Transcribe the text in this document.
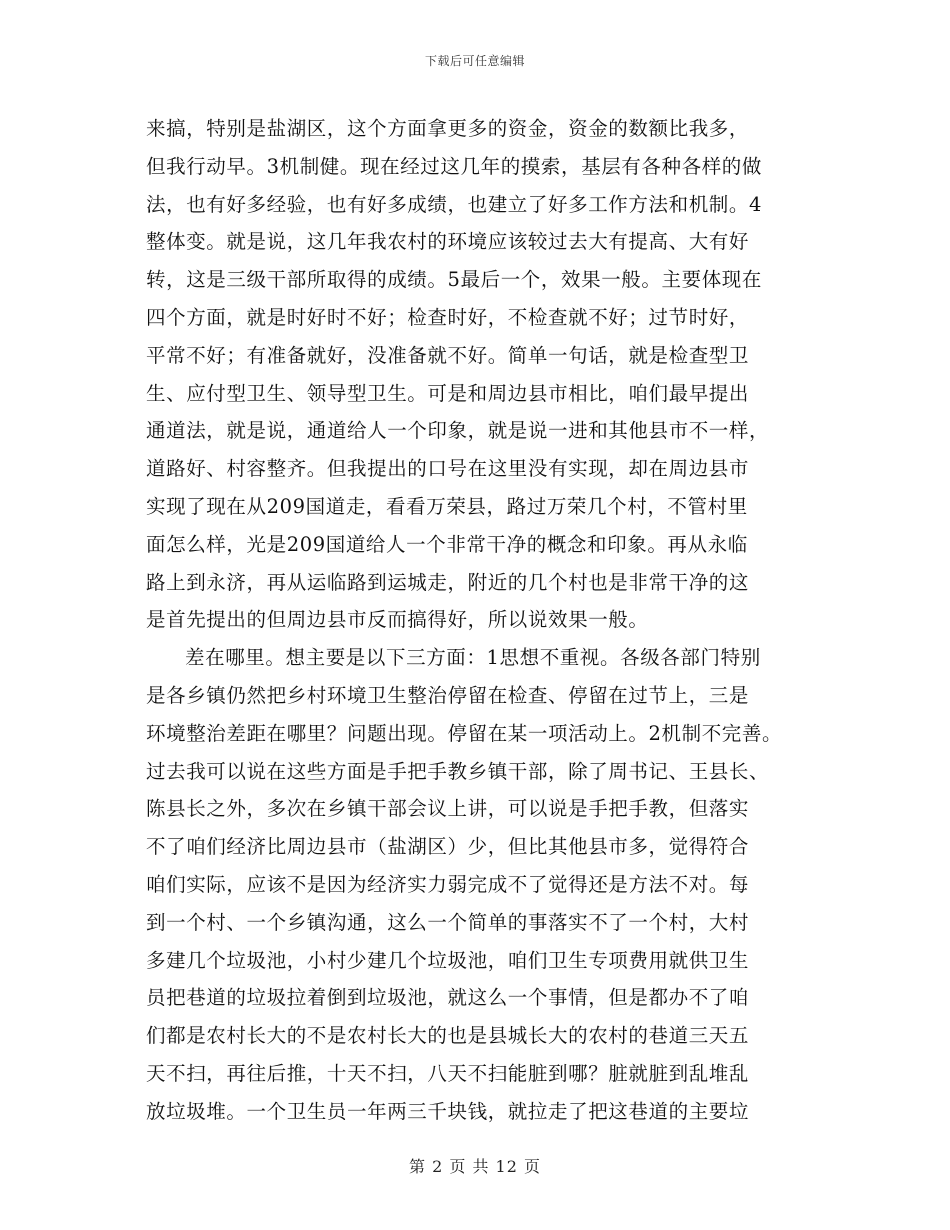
下载后可任意编辑
来搞，特别是盐湖区，这个方面拿更多的资金，资金的数额比我多，
但我行动早。3机制健。现在经过这几年的摸索，基层有各种各样的做
法，也有好多经验，也有好多成绩，也建立了好多工作方法和机制。4
整体变。就是说，这几年我农村的环境应该较过去大有提高、大有好
转，这是三级干部所取得的成绩。5最后一个，效果一般。主要体现在
四个方面，就是时好时不好；检查时好，不检查就不好；过节时好，
平常不好；有准备就好，没准备就不好。简单一句话，就是检查型卫
生、应付型卫生、领导型卫生。可是和周边县市相比，咱们最早提出
通道法，就是说，通道给人一个印象，就是说一进和其他县市不一样，
道路好、村容整齐。但我提出的口号在这里没有实现，却在周边县市
实现了现在从209国道走，看看万荣县，路过万荣几个村，不管村里
面怎么样，光是209国道给人一个非常干净的概念和印象。再从永临
路上到永济，再从运临路到运城走，附近的几个村也是非常干净的这
是首先提出的但周边县市反而搞得好，所以说效果一般。
差在哪里。想主要是以下三方面：1思想不重视。各级各部门特别
是各乡镇仍然把乡村环境卫生整治停留在检查、停留在过节上，三是
环境整治差距在哪里？问题出现。停留在某一项活动上。2机制不完善。
过去我可以说在这些方面是手把手教乡镇干部，除了周书记、王县长、
陈县长之外，多次在乡镇干部会议上讲，可以说是手把手教，但落实
不了咱们经济比周边县市（盐湖区）少，但比其他县市多，觉得符合
咱们实际，应该不是因为经济实力弱完成不了觉得还是方法不对。每
到一个村、一个乡镇沟通，这么一个简单的事落实不了一个村，大村
多建几个垃圾池，小村少建几个垃圾池，咱们卫生专项费用就供卫生
员把巷道的垃圾拉着倒到垃圾池，就这么一个事情，但是都办不了咱
们都是农村长大的不是农村长大的也是县城长大的农村的巷道三天五
天不扫，再往后推，十天不扫，八天不扫能脏到哪？脏就脏到乱堆乱
放垃圾堆。一个卫生员一年两三千块钱，就拉走了把这巷道的主要垃
第 2 页 共 12 页
